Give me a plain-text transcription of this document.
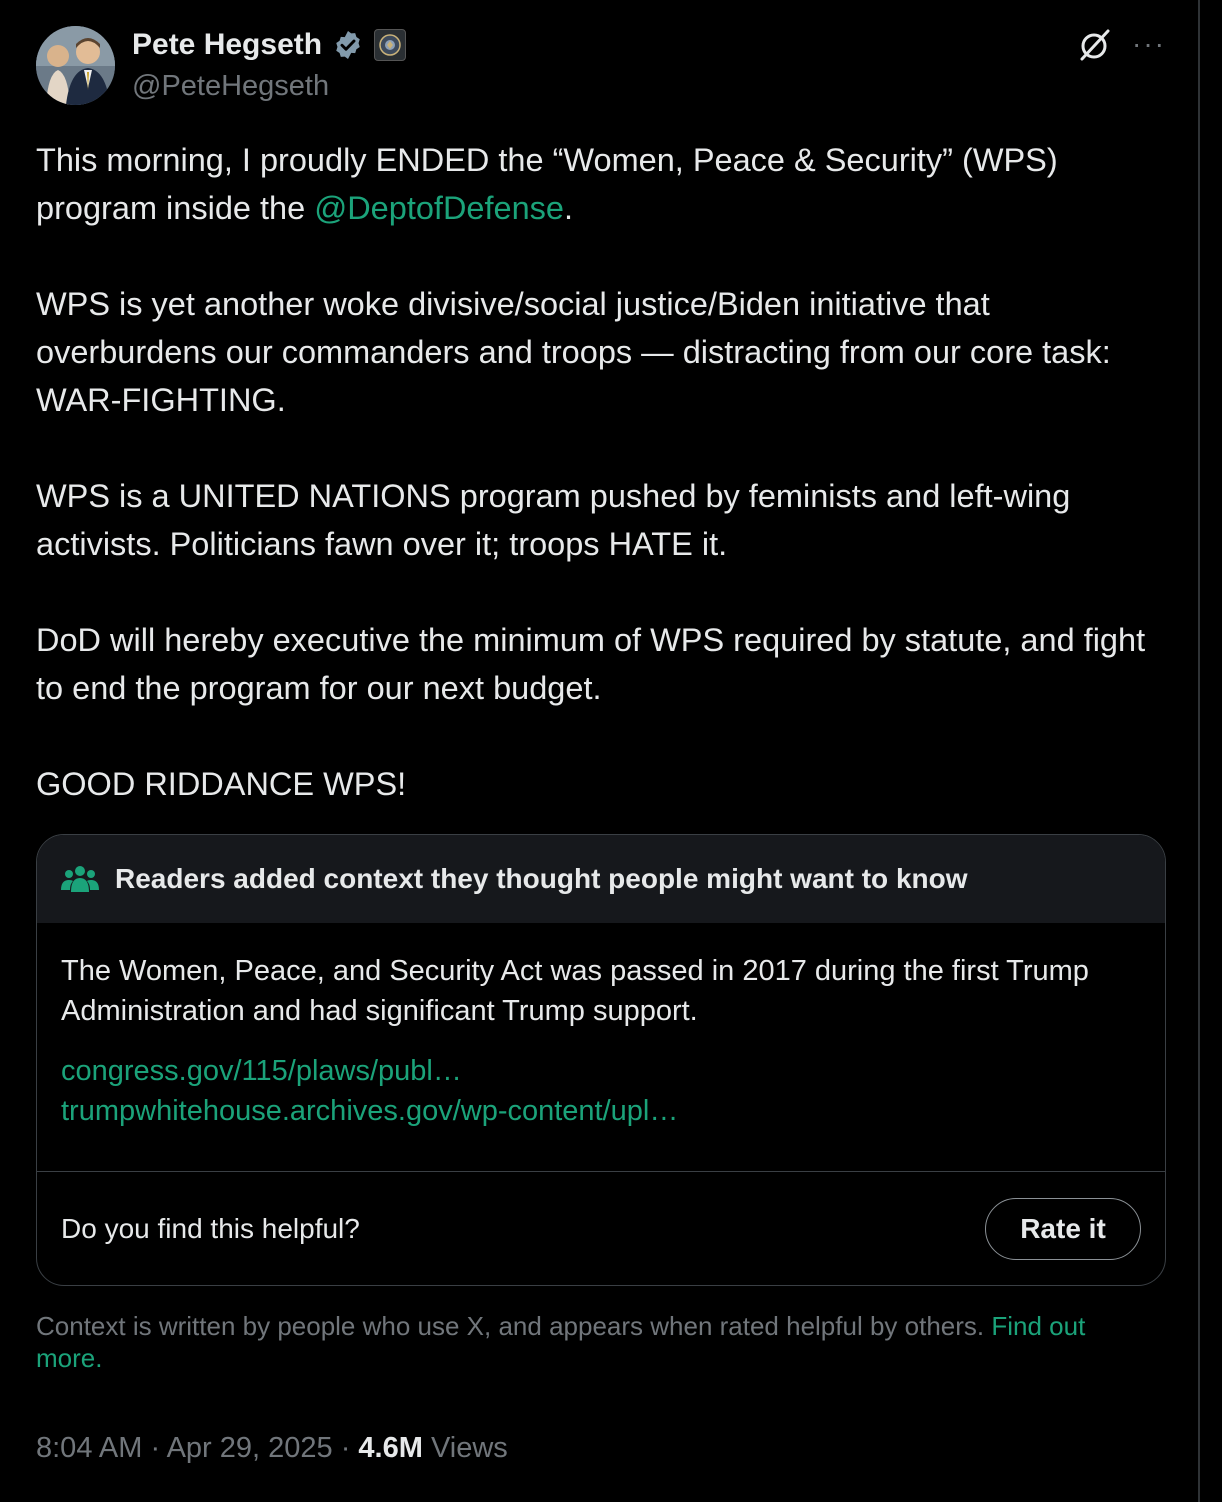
Pete Hegseth
@PeteHegseth
···

This morning, I proudly ENDED the “Women, Peace & Security” (WPS) program inside the @DeptofDefense.

WPS is yet another woke divisive/social justice/Biden initiative that overburdens our commanders and troops — distracting from our core task: WAR-FIGHTING.

WPS is a UNITED NATIONS program pushed by feminists and left-wing activists. Politicians fawn over it; troops HATE it.

DoD will hereby executive the minimum of WPS required by statute, and fight to end the program for our next budget.

GOOD RIDDANCE WPS!

Readers added context they thought people might want to know
The Women, Peace, and Security Act was passed in 2017 during the first Trump Administration and had significant Trump support.
congress.gov/115/plaws/publ…
trumpwhitehouse.archives.gov/wp-content/upl…
Do you find this helpful?	Rate it
Context is written by people who use X, and appears when rated helpful by others. Find out more.
8:04 AM · Apr 29, 2025 · 4.6M Views
